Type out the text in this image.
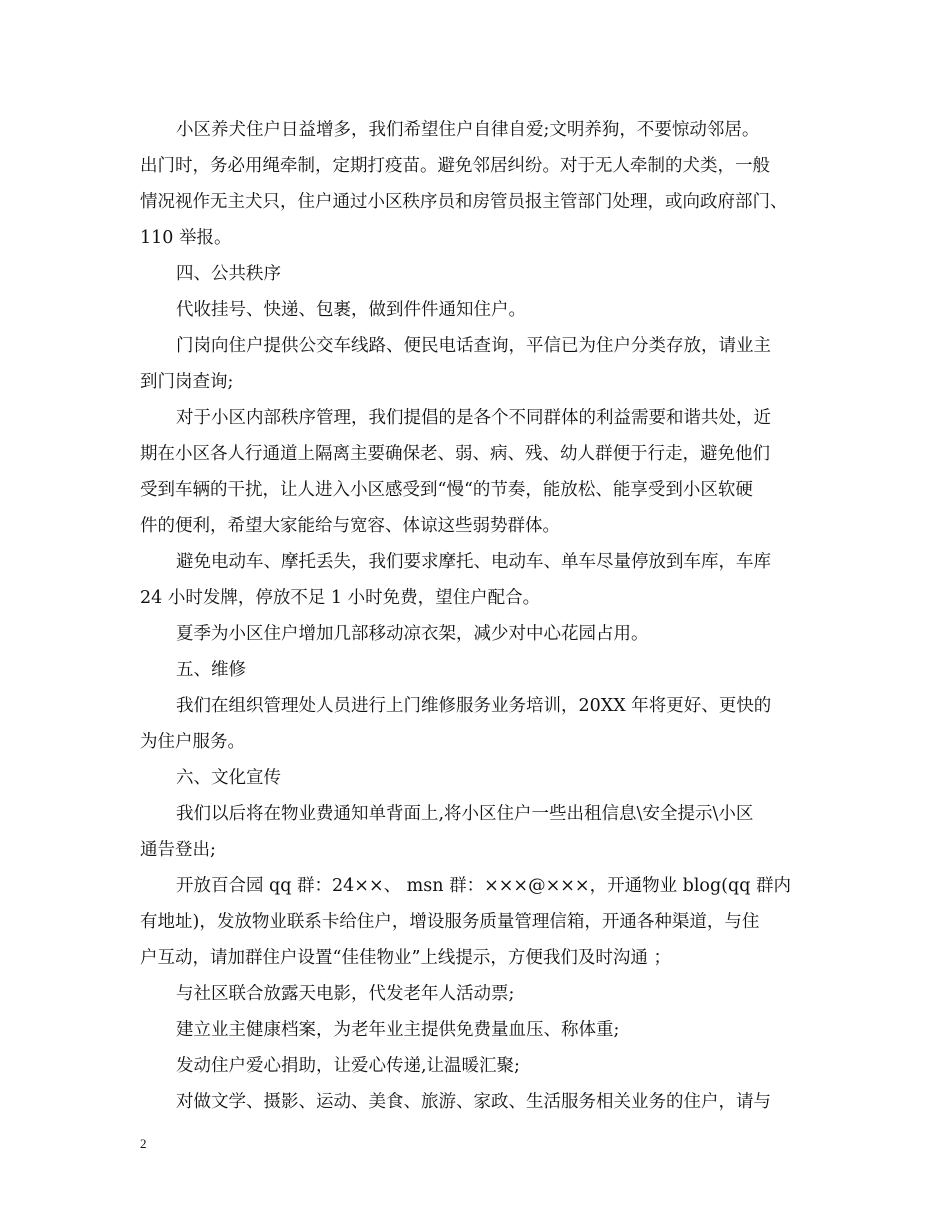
小区养犬住户日益增多，我们希望住户自律自爱;文明养狗，不要惊动邻居。
出门时，务必用绳牵制，定期打疫苗。避免邻居纠纷。对于无人牵制的犬类，一般
情况视作无主犬只，住户通过小区秩序员和房管员报主管部门处理，或向政府部门、
110 举报。
四、公共秩序
代收挂号、快递、包裹，做到件件通知住户。
门岗向住户提供公交车线路、便民电话查询，平信已为住户分类存放，请业主
到门岗查询;
对于小区内部秩序管理，我们提倡的是各个不同群体的利益需要和谐共处，近
期在小区各人行通道上隔离主要确保老、弱、病、残、幼人群便于行走，避免他们
受到车辆的干扰，让人进入小区感受到“慢“的节奏，能放松、能享受到小区软硬
件的便利，希望大家能给与宽容、体谅这些弱势群体。
避免电动车、摩托丢失，我们要求摩托、电动车、单车尽量停放到车库，车库
24 小时发牌，停放不足 1 小时免费，望住户配合。
夏季为小区住户增加几部移动凉衣架，减少对中心花园占用。
五、维修
我们在组织管理处人员进行上门维修服务业务培训，20XX 年将更好、更快的
为住户服务。
六、文化宣传
我们以后将在物业费通知单背面上,将小区住户一些出租信息\安全提示\小区
通告登出;
开放百合园 qq 群：24××、 msn 群：×××@×××，开通物业 blog(qq 群内
有地址)，发放物业联系卡给住户，增设服务质量管理信箱，开通各种渠道，与住
户互动，请加群住户设置“佳佳物业”上线提示，方便我们及时沟通 ；
与社区联合放露天电影，代发老年人活动票;
建立业主健康档案，为老年业主提供免费量血压、称体重;
发动住户爱心捐助，让爱心传递,让温暖汇聚;
对做文学、摄影、运动、美食、旅游、家政、生活服务相关业务的住户，请与
2
